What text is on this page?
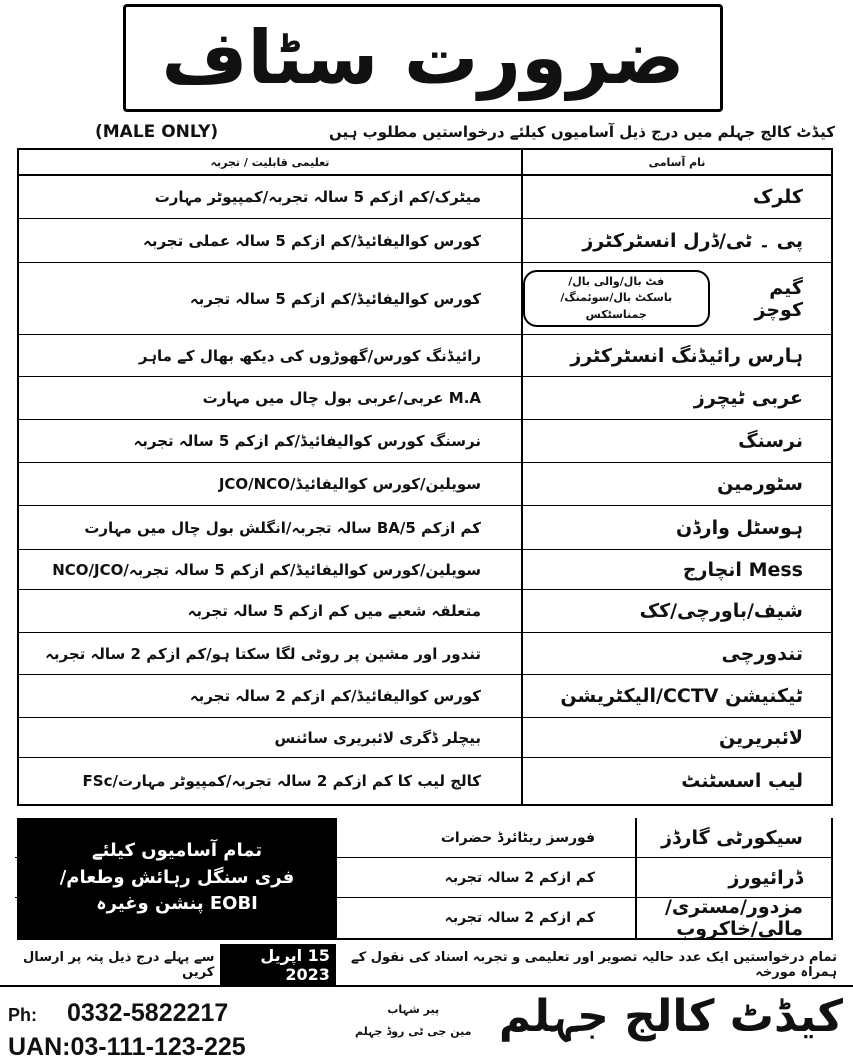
ضرورت سٹاف
کیڈٹ کالج جہلم میں درج ذیل آسامیوں کیلئے درخواستیں مطلوب ہیں
(MALE ONLY)
نام آسامی
تعلیمی قابلیت / تجربہ
کلرک
میٹرک/کم ازکم 5 سالہ تجربہ/کمپیوٹر مہارت
پی ۔ ٹی/ڈرل انسٹرکٹرز
کورس کوالیفائیڈ/کم ازکم 5 سالہ عملی تجربہ
گیم کوچز
فٹ بال/والی بال/
باسکٹ بال/سوئمنگ/جمناسٹکس
کورس کوالیفائیڈ/کم ازکم 5 سالہ تجربہ
ہارس رائیڈنگ انسٹرکٹرز
رائیڈنگ کورس/گھوڑوں کی دیکھ بھال کے ماہر
عربی ٹیچرز
M.A عربی/عربی بول چال میں مہارت
نرسنگ
نرسنگ کورس کوالیفائیڈ/کم ازکم 5 سالہ تجربہ
سٹورمین
سویلین/کورس کوالیفائیڈ/JCO/NCO
ہوسٹل وارڈن
کم ازکم BA/5 سالہ تجربہ/انگلش بول چال میں مہارت
Mess انچارج
سویلین/کورس کوالیفائیڈ/کم ازکم 5 سالہ تجربہ/NCO/JCO
شیف/باورچی/کک
متعلقہ شعبے میں کم ازکم 5 سالہ تجربہ
تندورچی
تندور اور مشین پر روٹی لگا سکتا ہو/کم ازکم 2 سالہ تجربہ
ٹیکنیشن CCTV/الیکٹریشن
کورس کوالیفائیڈ/کم ازکم 2 سالہ تجربہ
لائبریرین
بیچلر ڈگری لائبریری سائنس
لیب اسسٹنٹ
کالج لیب کا کم ازکم 2 سالہ تجربہ/کمپیوٹر مہارت/FSc
سیکورٹی گارڈز
فورسز ریٹائرڈ حضرات
ڈرائیورز
کم ازکم 2 سالہ تجربہ
مزدور/مستری/مالی/خاکروب
کم ازکم 2 سالہ تجربہ
تمام آسامیوں کیلئے
فری سنگل رہائش وطعام/
EOBI پنشن وغیرہ
تمام درخواستیں ایک عدد حالیہ تصویر اور تعلیمی و تجربہ اسناد کی نقول کے ہمراہ مورخہ
15 اپریل 2023
سے پہلے درج ذیل پتہ پر ارسال کریں
Ph: 0332-5822217
UAN:03-111-123-225
پیر شہاب
مین جی ٹی روڈ جہلم کیڈٹ کالج جہلم
